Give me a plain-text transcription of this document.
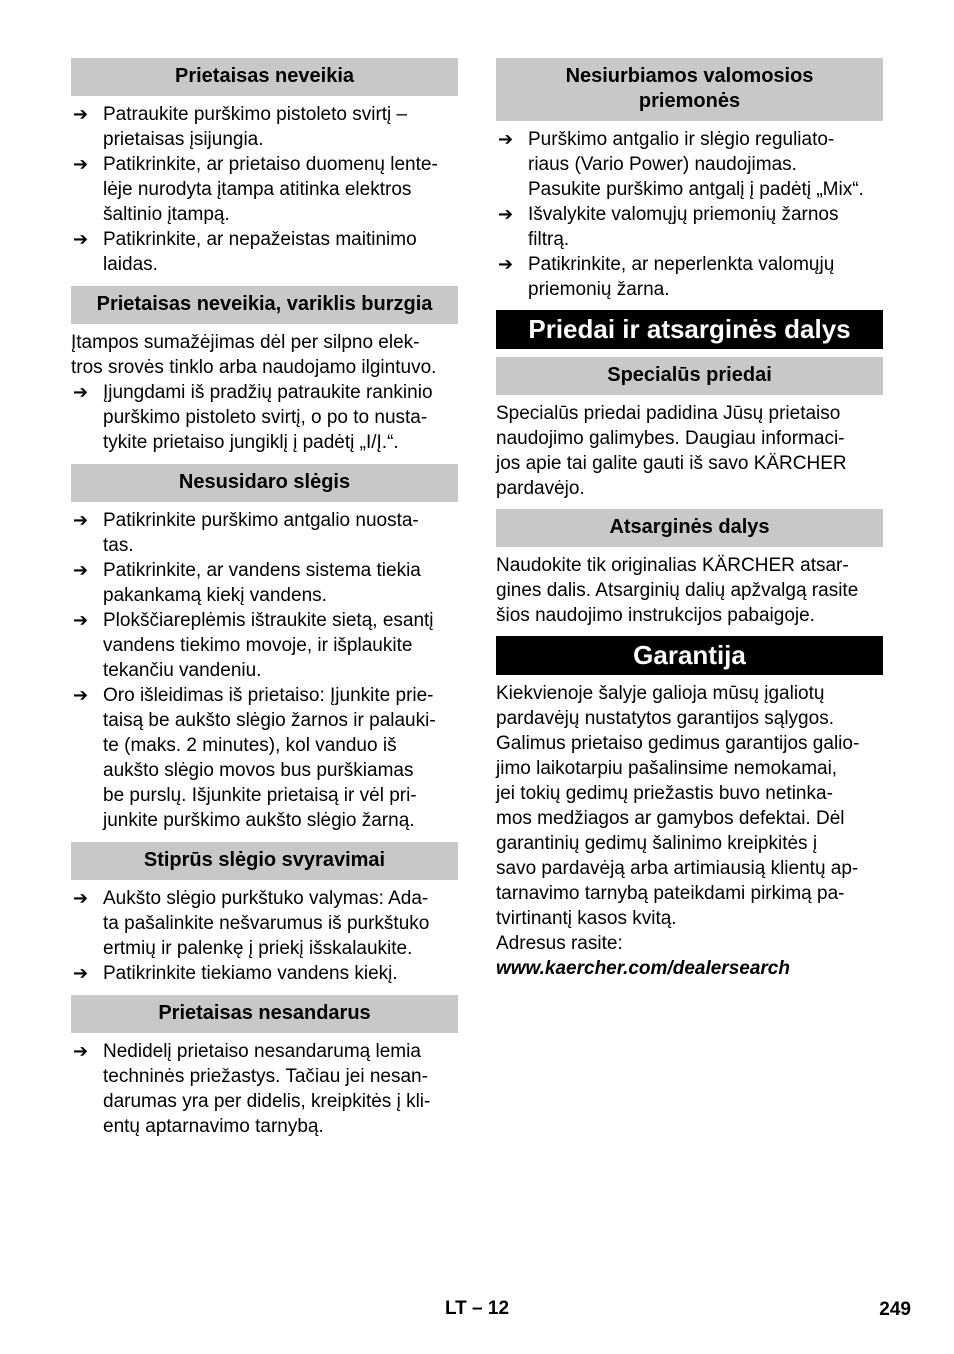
Prietaisas neveikia
➔ Patraukite purškimo pistoleto svirtį –
prietaisas įsijungia.
➔ Patikrinkite, ar prietaiso duomenų lente-
lėje nurodyta įtampa atitinka elektros
šaltinio įtampą.
➔ Patikrinkite, ar nepažeistas maitinimo
laidas.
Prietaisas neveikia, variklis burzgia
Įtampos sumažėjimas dėl per silpno elek-
tros srovės tinklo arba naudojamo ilgintuvo.
➔ Įjungdami iš pradžių patraukite rankinio
purškimo pistoleto svirtį, o po to nusta-
tykite prietaiso jungiklį į padėtį „I/Į.“.
Nesusidaro slėgis
➔ Patikrinkite purškimo antgalio nuosta-
tas.
➔ Patikrinkite, ar vandens sistema tiekia
pakankamą kiekį vandens.
➔ Plokščiareplėmis ištraukite sietą, esantį
vandens tiekimo movoje, ir išplaukite
tekančiu vandeniu.
➔ Oro išleidimas iš prietaiso: Įjunkite prie-
taisą be aukšto slėgio žarnos ir palauki-
te (maks. 2 minutes), kol vanduo iš
aukšto slėgio movos bus purškiamas
be purslų. Išjunkite prietaisą ir vėl pri-
junkite purškimo aukšto slėgio žarną.
Stiprūs slėgio svyravimai
➔ Aukšto slėgio purkštuko valymas: Ada-
ta pašalinkite nešvarumus iš purkštuko
ertmių ir palenkę į priekį išskalaukite.
➔ Patikrinkite tiekiamo vandens kiekį.
Prietaisas nesandarus
➔ Nedidelį prietaiso nesandarumą lemia
techninės priežastys. Tačiau jei nesan-
darumas yra per didelis, kreipkitės į kli-
entų aptarnavimo tarnybą.
Nesiurbiamos valomosios
priemonės
➔ Purškimo antgalio ir slėgio reguliato-
riaus (Vario Power) naudojimas.
Pasukite purškimo antgalį į padėtį „Mix“.
➔ Išvalykite valomųjų priemonių žarnos
filtrą.
➔ Patikrinkite, ar neperlenkta valomųjų
priemonių žarna.
Priedai ir atsarginės dalys
Specialūs priedai
Specialūs priedai padidina Jūsų prietaiso
naudojimo galimybes. Daugiau informaci-
jos apie tai galite gauti iš savo KÄRCHER
pardavėjo.
Atsarginės dalys
Naudokite tik originalias KÄRCHER atsar-
gines dalis. Atsarginių dalių apžvalgą rasite
šios naudojimo instrukcijos pabaigoje.
Garantija
Kiekvienoje šalyje galioja mūsų įgaliotų
pardavėjų nustatytos garantijos sąlygos.
Galimus prietaiso gedimus garantijos galio-
jimo laikotarpiu pašalinsime nemokamai,
jei tokių gedimų priežastis buvo netinka-
mos medžiagos ar gamybos defektai. Dėl
garantinių gedimų šalinimo kreipkitės į
savo pardavėją arba artimiausią klientų ap-
tarnavimo tarnybą pateikdami pirkimą pa-
tvirtinantį kasos kvitą.
Adresus rasite:
www.kaercher.com/dealersearch
LT – 12	249
